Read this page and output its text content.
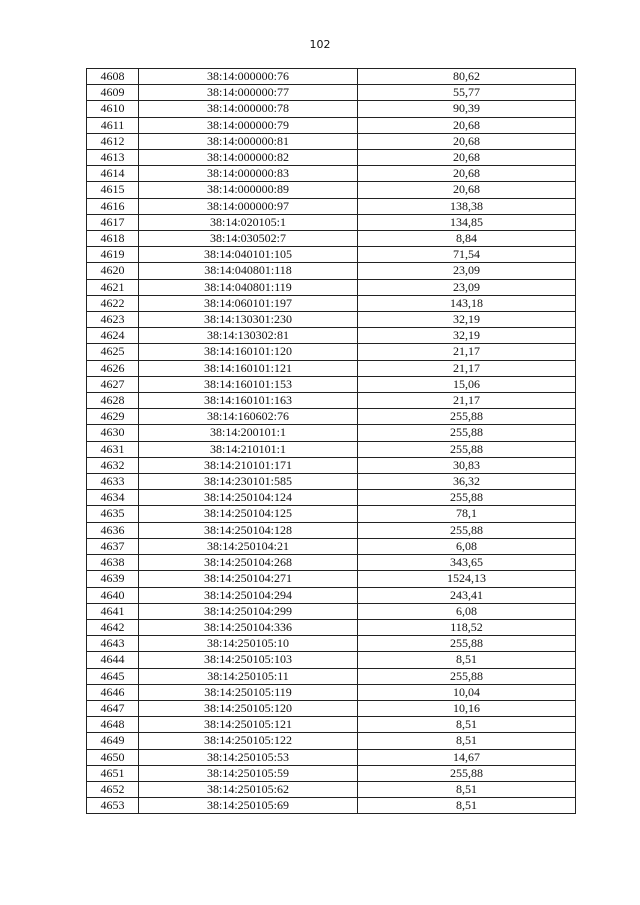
102
4608	38:14:000000:76	80,62
4609	38:14:000000:77	55,77
4610	38:14:000000:78	90,39
4611	38:14:000000:79	20,68
4612	38:14:000000:81	20,68
4613	38:14:000000:82	20,68
4614	38:14:000000:83	20,68
4615	38:14:000000:89	20,68
4616	38:14:000000:97	138,38
4617	38:14:020105:1	134,85
4618	38:14:030502:7	8,84
4619	38:14:040101:105	71,54
4620	38:14:040801:118	23,09
4621	38:14:040801:119	23,09
4622	38:14:060101:197	143,18
4623	38:14:130301:230	32,19
4624	38:14:130302:81	32,19
4625	38:14:160101:120	21,17
4626	38:14:160101:121	21,17
4627	38:14:160101:153	15,06
4628	38:14:160101:163	21,17
4629	38:14:160602:76	255,88
4630	38:14:200101:1	255,88
4631	38:14:210101:1	255,88
4632	38:14:210101:171	30,83
4633	38:14:230101:585	36,32
4634	38:14:250104:124	255,88
4635	38:14:250104:125	78,1
4636	38:14:250104:128	255,88
4637	38:14:250104:21	6,08
4638	38:14:250104:268	343,65
4639	38:14:250104:271	1524,13
4640	38:14:250104:294	243,41
4641	38:14:250104:299	6,08
4642	38:14:250104:336	118,52
4643	38:14:250105:10	255,88
4644	38:14:250105:103	8,51
4645	38:14:250105:11	255,88
4646	38:14:250105:119	10,04
4647	38:14:250105:120	10,16
4648	38:14:250105:121	8,51
4649	38:14:250105:122	8,51
4650	38:14:250105:53	14,67
4651	38:14:250105:59	255,88
4652	38:14:250105:62	8,51
4653	38:14:250105:69	8,51
